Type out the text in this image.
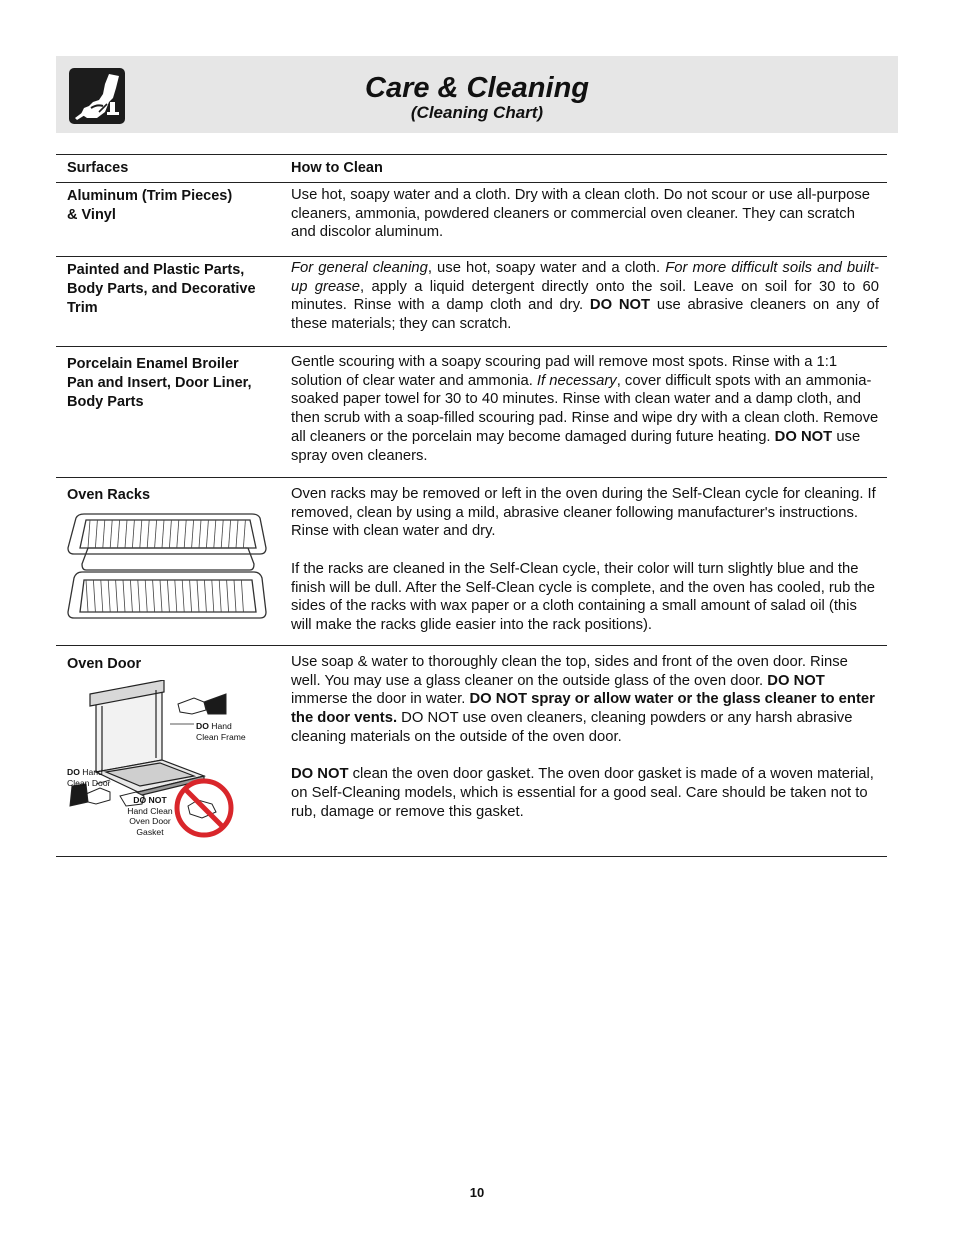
Care & Cleaning
(Cleaning Chart)
Surfaces	How to Clean
Aluminum (Trim Pieces)
& Vinyl

Use hot, soapy water and a cloth. Dry with a clean cloth. Do not scour or use all-purpose cleaners, ammonia, powdered cleaners or commercial oven cleaner. They can scratch and discolor aluminum.

Painted and Plastic Parts,
Body Parts, and Decorative
Trim

For general cleaning, use hot, soapy water and a cloth. For more difficult soils and built-up grease, apply a liquid detergent directly onto the soil. Leave on soil for 30 to 60 minutes. Rinse with a damp cloth and dry. DO NOT use abrasive cleaners on any of these materials; they can scratch.

Porcelain Enamel Broiler
Pan and Insert, Door Liner,
Body Parts

Gentle scouring with a soapy scouring pad will remove most spots. Rinse with a 1:1 solution of clear water and ammonia. If necessary, cover difficult spots with an ammonia-soaked paper towel for 30 to 40 minutes. Rinse with clean water and a damp cloth, and then scrub with a soap-filled scouring pad. Rinse and wipe dry with a clean cloth. Remove all cleaners or the porcelain may become damaged during future heating. DO NOT use spray oven cleaners.

Oven Racks	Oven racks may be removed or left in the oven during the Self-Clean cycle for cleaning. If removed, clean by using a mild, abrasive cleaner following manufacturer's instructions. Rinse with clean water and dry.

If the racks are cleaned in the Self-Clean cycle, their color will turn slightly blue and the finish will be dull. After the Self-Clean cycle is complete, and the oven has cooled, rub the sides of the racks with wax paper or a cloth containing a small amount of salad oil (this will make the racks glide easier into the rack positions).

Oven Door
DO Hand
Clean Frame
DO Hand
Clean Door
DO NOT
Hand Clean
Oven Door
Gasket

Use soap & water to thoroughly clean the top, sides and front of the oven door. Rinse well. You may use a glass cleaner on the outside glass of the oven door. DO NOT immerse the door in water. DO NOT spray or allow water or the glass cleaner to enter the door vents. DO NOT use oven cleaners, cleaning powders or any harsh abrasive cleaning materials on the outside of the oven door.

DO NOT clean the oven door gasket. The oven door gasket is made of a woven material, on Self-Cleaning models, which is essential for a good seal. Care should be taken not to rub, damage or remove this gasket.

10
